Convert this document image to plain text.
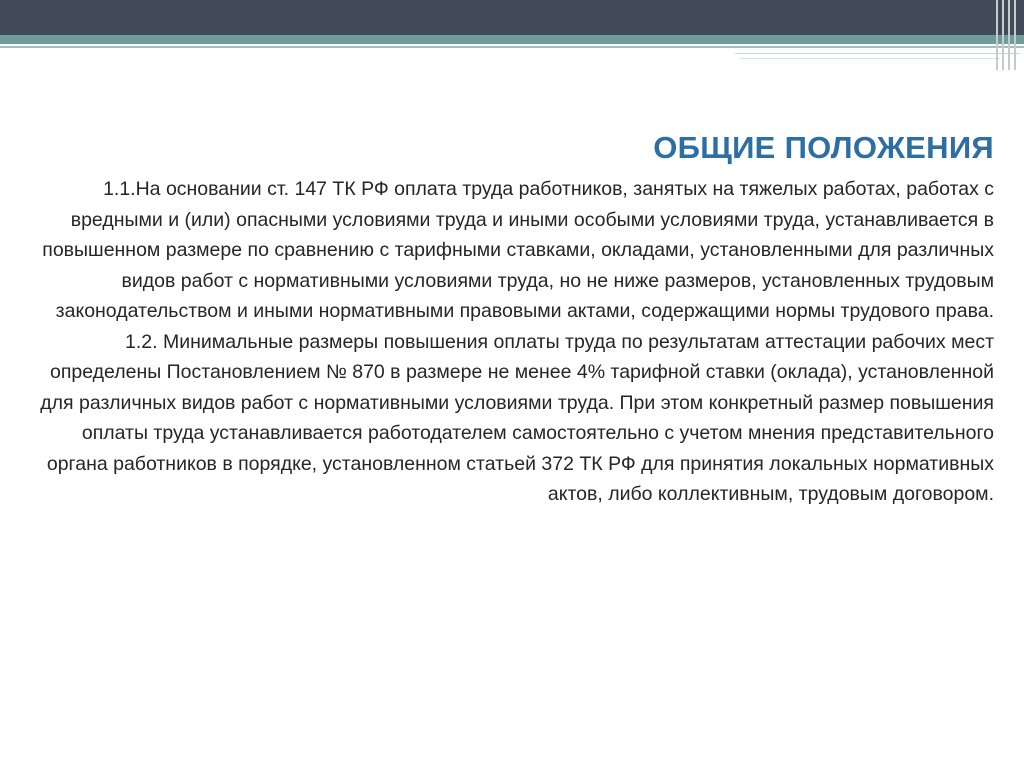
ОБЩИЕ ПОЛОЖЕНИЯ

1.1.На основании ст. 147 ТК РФ оплата труда работников, занятых на тяжелых работах, работах с вредными и (или) опасными условиями труда и иными особыми условиями труда, устанавливается в повышенном размере по сравнению с тарифными ставками, окладами, установленными для различных видов работ с нормативными условиями труда, но не ниже размеров, установленных трудовым законодательством и иными нормативными правовыми актами, содержащими нормы трудового права.

1.2. Минимальные размеры повышения оплаты труда по результатам аттестации рабочих мест определены Постановлением № 870 в размере не менее 4% тарифной ставки (оклада), установленной для различных видов работ с нормативными условиями труда. При этом конкретный размер повышения оплаты труда устанавливается работодателем самостоятельно с учетом мнения представительного органа работников в порядке, установленном статьей 372 ТК РФ для принятия локальных нормативных актов, либо коллективным, трудовым договором.
